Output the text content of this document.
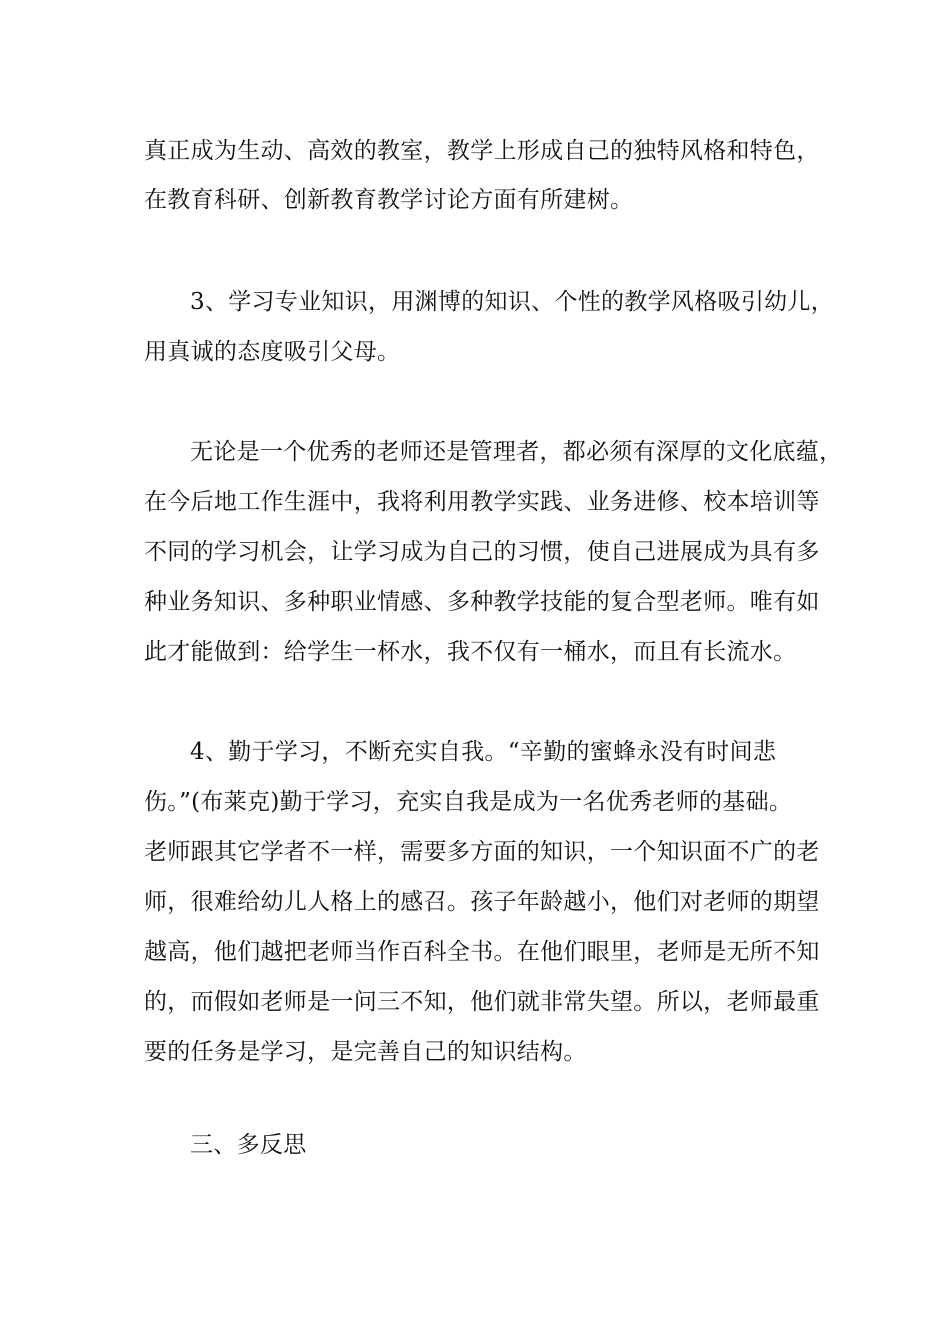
真正成为生动、高效的教室，教学上形成自己的独特风格和特色，
在教育科研、创新教育教学讨论方面有所建树。
3、学习专业知识，用渊博的知识、个性的教学风格吸引幼儿，
用真诚的态度吸引父母。
无论是一个优秀的老师还是管理者，都必须有深厚的文化底蕴，
在今后地工作生涯中，我将利用教学实践、业务进修、校本培训等
不同的学习机会，让学习成为自己的习惯，使自己进展成为具有多
种业务知识、多种职业情感、多种教学技能的复合型老师。唯有如
此才能做到：给学生一杯水，我不仅有一桶水，而且有长流水。
4、勤于学习，不断充实自我。“辛勤的蜜蜂永没有时间悲
伤。”(布莱克)勤于学习，充实自我是成为一名优秀老师的基础。
老师跟其它学者不一样，需要多方面的知识，一个知识面不广的老
师，很难给幼儿人格上的感召。孩子年龄越小，他们对老师的期望
越高，他们越把老师当作百科全书。在他们眼里，老师是无所不知
的，而假如老师是一问三不知，他们就非常失望。所以，老师最重
要的任务是学习，是完善自己的知识结构。
三、多反思
